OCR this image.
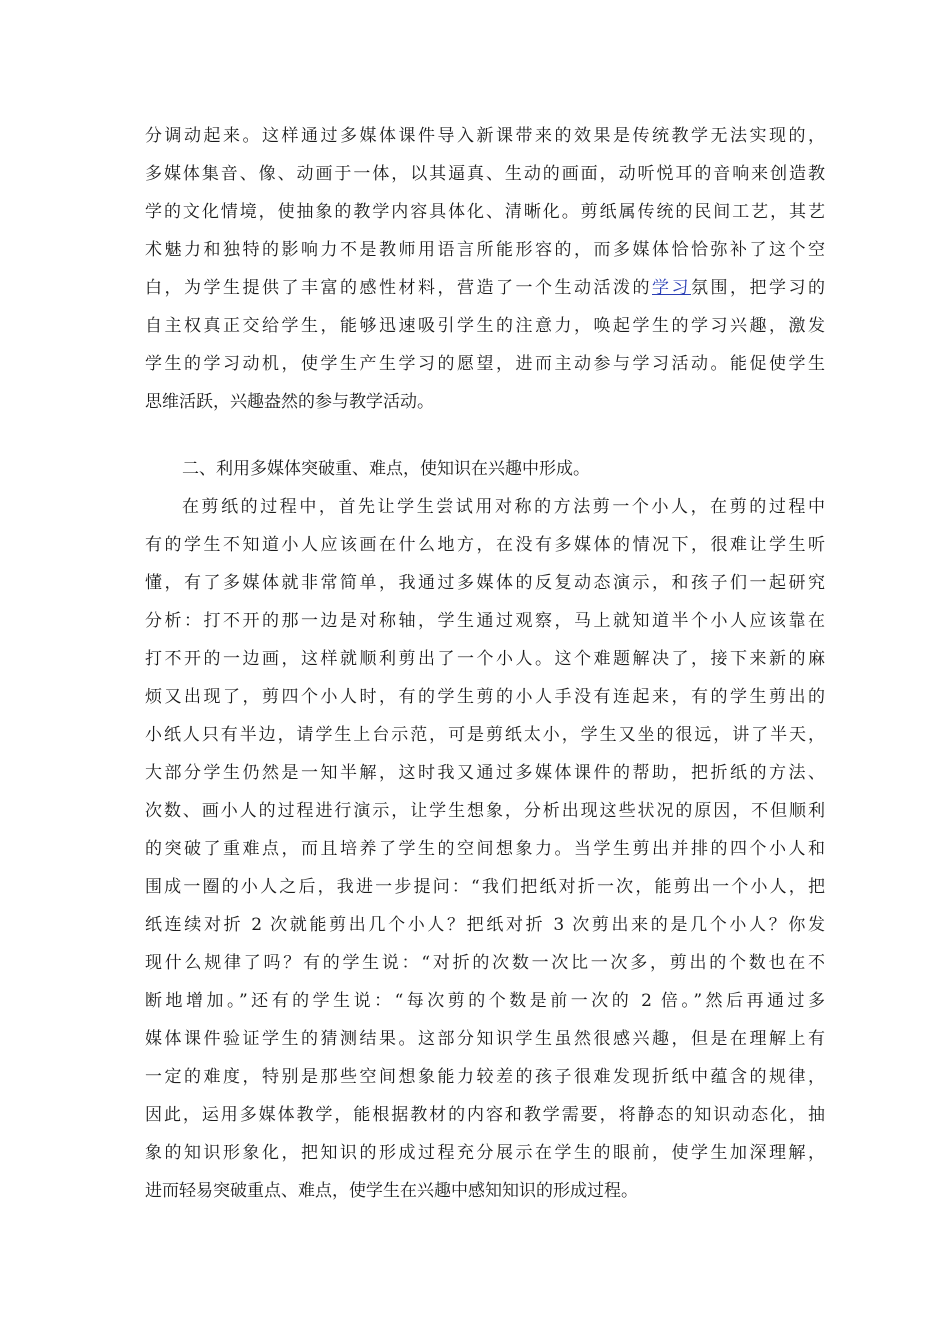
分调动起来。这样通过多媒体课件导入新课带来的效果是传统教学无法实现的，
多媒体集音、像、动画于一体，以其逼真、生动的画面，动听悦耳的音响来创造教
学的文化情境，使抽象的教学内容具体化、清晰化。剪纸属传统的民间工艺，其艺
术魅力和独特的影响力不是教师用语言所能形容的，而多媒体恰恰弥补了这个空
白，为学生提供了丰富的感性材料，营造了一个生动活泼的学习氛围，把学习的
自主权真正交给学生，能够迅速吸引学生的注意力，唤起学生的学习兴趣，激发
学生的学习动机，使学生产生学习的愿望，进而主动参与学习活动。能促使学生
思维活跃，兴趣盎然的参与教学活动。
二、利用多媒体突破重、难点，使知识在兴趣中形成。
在剪纸的过程中，首先让学生尝试用对称的方法剪一个小人，在剪的过程中
有的学生不知道小人应该画在什么地方，在没有多媒体的情况下，很难让学生听
懂，有了多媒体就非常简单，我通过多媒体的反复动态演示，和孩子们一起研究
分析：打不开的那一边是对称轴，学生通过观察，马上就知道半个小人应该靠在
打不开的一边画，这样就顺利剪出了一个小人。这个难题解决了，接下来新的麻
烦又出现了，剪四个小人时，有的学生剪的小人手没有连起来，有的学生剪出的
小纸人只有半边，请学生上台示范，可是剪纸太小，学生又坐的很远，讲了半天，
大部分学生仍然是一知半解，这时我又通过多媒体课件的帮助，把折纸的方法、
次数、画小人的过程进行演示，让学生想象，分析出现这些状况的原因，不但顺利
的突破了重难点，而且培养了学生的空间想象力。当学生剪出并排的四个小人和
围成一圈的小人之后，我进一步提问：“我们把纸对折一次，能剪出一个小人，把
纸连续对折 2 次就能剪出几个小人？把纸对折 3 次剪出来的是几个小人？你发
现什么规律了吗？有的学生说：“对折的次数一次比一次多，剪出的个数也在不
断地增加。”还有的学生说：“每次剪的个数是前一次的 2 倍。”然后再通过多
媒体课件验证学生的猜测结果。这部分知识学生虽然很感兴趣，但是在理解上有
一定的难度，特别是那些空间想象能力较差的孩子很难发现折纸中蕴含的规律，
因此，运用多媒体教学，能根据教材的内容和教学需要，将静态的知识动态化，抽
象的知识形象化，把知识的形成过程充分展示在学生的眼前，使学生加深理解，
进而轻易突破重点、难点，使学生在兴趣中感知知识的形成过程。
